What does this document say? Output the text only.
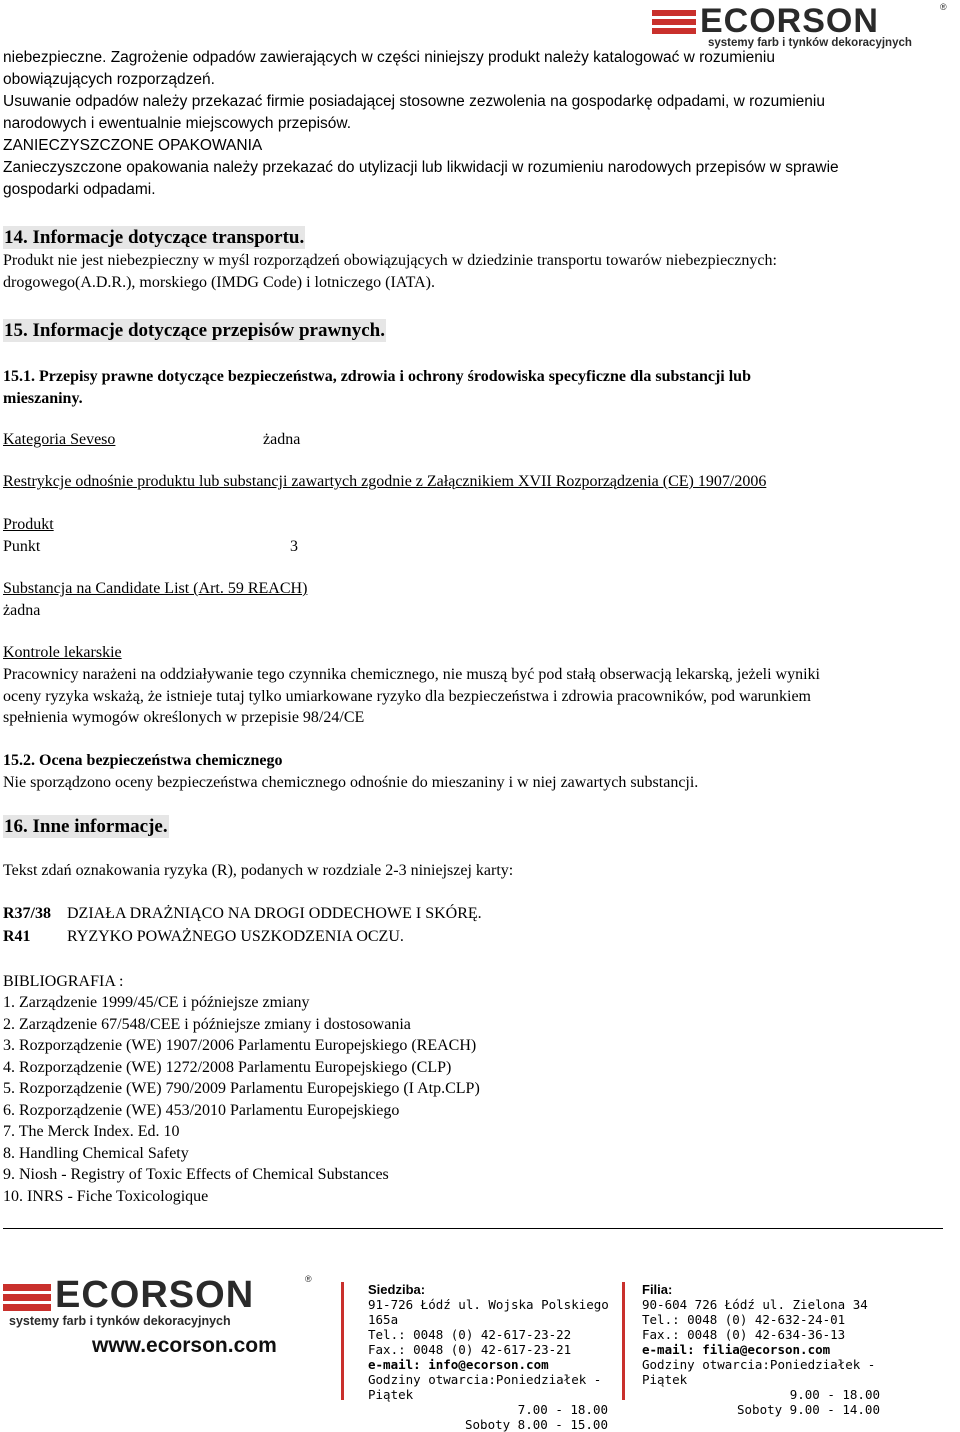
ECORSON	®
systemy farb i tynków dekoracyjnych
niebezpieczne. Zagrożenie odpadów zawierających w części niniejszy produkt należy katalogować w rozumieniu
obowiązujących rozporządzeń.
Usuwanie odpadów należy przekazać firmie posiadającej stosowne zezwolenia na gospodarkę odpadami, w rozumieniu
narodowych i ewentualnie miejscowych przepisów.
ZANIECZYSZCZONE OPAKOWANIA
Zanieczyszczone opakowania należy przekazać do utylizacji lub likwidacji w rozumieniu narodowych przepisów w sprawie
gospodarki odpadami.
14. Informacje dotyczące transportu.
Produkt nie jest niebezpieczny w myśl rozporządzeń obowiązujących w dziedzinie transportu towarów niebezpiecznych:
drogowego(A.D.R.), morskiego (IMDG Code) i lotniczego (IATA).
15. Informacje dotyczące przepisów prawnych.
15.1. Przepisy prawne dotyczące bezpieczeństwa, zdrowia i ochrony środowiska specyficzne dla substancji lub
mieszaniny.
Kategoria Seveso	żadna
Restrykcje odnośnie produktu lub substancji zawartych zgodnie z Załącznikiem XVII Rozporządzenia (CE) 1907/2006
Produkt
Punkt	3
Substancja na Candidate List (Art. 59 REACH)
żadna
Kontrole lekarskie
Pracownicy narażeni na oddziaływanie tego czynnika chemicznego, nie muszą być pod stałą obserwacją lekarską, jeżeli wyniki
oceny ryzyka wskażą, że istnieje tutaj tylko umiarkowane ryzyko dla bezpieczeństwa i zdrowia pracowników, pod warunkiem
spełnienia wymogów określonych w przepisie 98/24/CE
15.2. Ocena bezpieczeństwa chemicznego
Nie sporządzono oceny bezpieczeństwa chemicznego odnośnie do mieszaniny i w niej zawartych substancji.
16. Inne informacje.
Tekst zdań oznakowania ryzyka (R), podanych w rozdziale 2-3 niniejszej karty:
R37/38 DZIAŁA DRAŻNIĄCO NA DROGI ODDECHOWE I SKÓRĘ.
R41 RYZYKO POWAŻNEGO USZKODZENIA OCZU.
BIBLIOGRAFIA :
1. Zarządzenie 1999/45/CE i późniejsze zmiany
2. Zarządzenie 67/548/CEE i późniejsze zmiany i dostosowania
3. Rozporządzenie (WE) 1907/2006 Parlamentu Europejskiego (REACH)
4. Rozporządzenie (WE) 1272/2008 Parlamentu Europejskiego (CLP)
5. Rozporządzenie (WE) 790/2009 Parlamentu Europejskiego (I Atp.CLP)
6. Rozporządzenie (WE) 453/2010 Parlamentu Europejskiego
7. The Merck Index. Ed. 10
8. Handling Chemical Safety
9. Niosh - Registry of Toxic Effects of Chemical Substances
10. INRS - Fiche Toxicologique
ECORSON	®
systemy farb i tynków dekoracyjnych
www.ecorson.com
Siedziba:
91-726 Łódź ul. Wojska Polskiego 165a
Tel.: 0048 (0) 42-617-23-22
Fax.: 0048 (0) 42-617-23-21
e-mail: info@ecorson.com
Godziny otwarcia:Poniedziałek - Piątek
7.00 - 18.00
Soboty 8.00 - 15.00
Filia:
90-604 726 Łódź ul. Zielona 34
Tel.: 0048 (0) 42-632-24-01
Fax.: 0048 (0) 42-634-36-13
e-mail: filia@ecorson.com
Godziny otwarcia:Poniedziałek - Piątek
9.00 - 18.00
Soboty 9.00 - 14.00
